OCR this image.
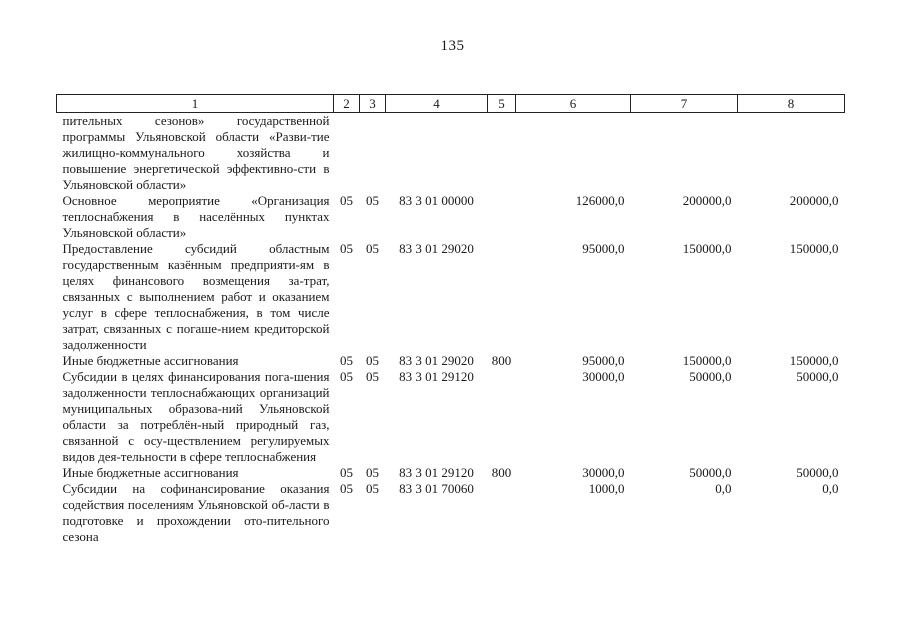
135
1	2	3	4	5	6	7	8
пительных сезонов» государственной программы Ульяновской области «Разви-тие жилищно-коммунального хозяйства и повышение энергетической эффективно-сти в Ульяновской области»							
Основное мероприятие «Организация теплоснабжения в населённых пунктах Ульяновской области»	05	05	83 3 01 00000		126000,0	200000,0	200000,0
Предоставление субсидий областным государственным казённым предприяти-ям в целях финансового возмещения за-трат, связанных с выполнением работ и оказанием услуг в сфере теплоснабжения, в том числе затрат, связанных с погаше-нием кредиторской задолженности	05	05	83 3 01 29020		95000,0	150000,0	150000,0
Иные бюджетные ассигнования	05	05	83 3 01 29020	800	95000,0	150000,0	150000,0
Субсидии в целях финансирования пога-шения задолженности теплоснабжающих организаций муниципальных образова-ний Ульяновской области за потреблён-ный природный газ, связанной с осу-ществлением регулируемых видов дея-тельности в сфере теплоснабжения	05	05	83 3 01 29120		30000,0	50000,0	50000,0
Иные бюджетные ассигнования	05	05	83 3 01 29120	800	30000,0	50000,0	50000,0
Субсидии на софинансирование оказания содействия поселениям Ульяновской об-ласти в подготовке и прохождении ото-пительного сезона	05	05	83 3 01 70060		1000,0	0,0	0,0
